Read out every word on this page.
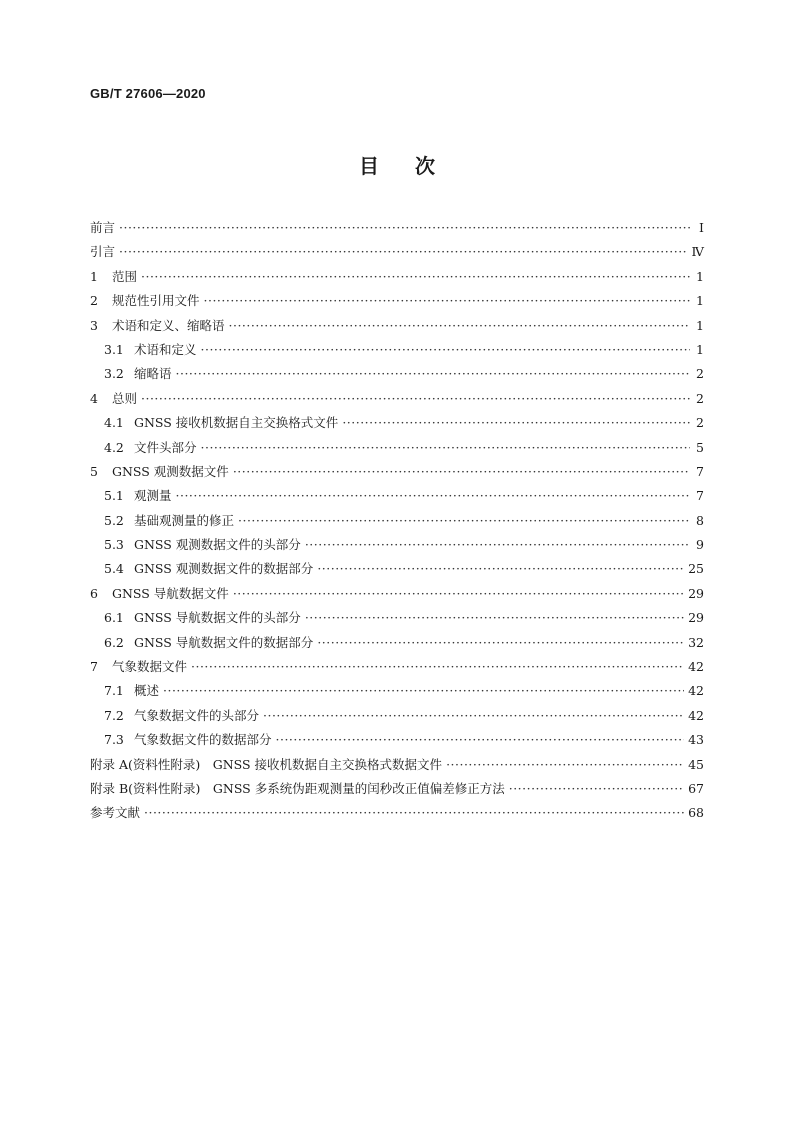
GB/T 27606—2020
目次
前言 ·····	Ⅰ
引言 ·····	Ⅳ
1	范围 ·····	1
2	规范性引用文件 ·····	1
3	术语和定义、缩略语 ·····	1
3.1 术语和定义 ·····	1
3.2 缩略语 ·····	2
4	总则 ·····	2
4.1 GNSS 接收机数据自主交换格式文件 ·····	2
4.2 文件头部分 ·····	5
5	GNSS 观测数据文件 ·····	7
5.1 观测量 ·····	7
5.2 基础观测量的修正 ·····	8
5.3 GNSS 观测数据文件的头部分 ·····	9
5.4 GNSS 观测数据文件的数据部分 ·····	25
6	GNSS 导航数据文件 ·····	29
6.1 GNSS 导航数据文件的头部分 ·····	29
6.2 GNSS 导航数据文件的数据部分 ·····	32
7	气象数据文件 ·····	42
7.1 概述 ·····	42
7.2 气象数据文件的头部分 ·····	42
7.3 气象数据文件的数据部分 ·····	43
附录 A(资料性附录)　GNSS 接收机数据自主交换格式数据文件 ·····	45
附录 B(资料性附录)　GNSS 多系统伪距观测量的闰秒改正值偏差修正方法 ·····	67
参考文献 ·····	68
